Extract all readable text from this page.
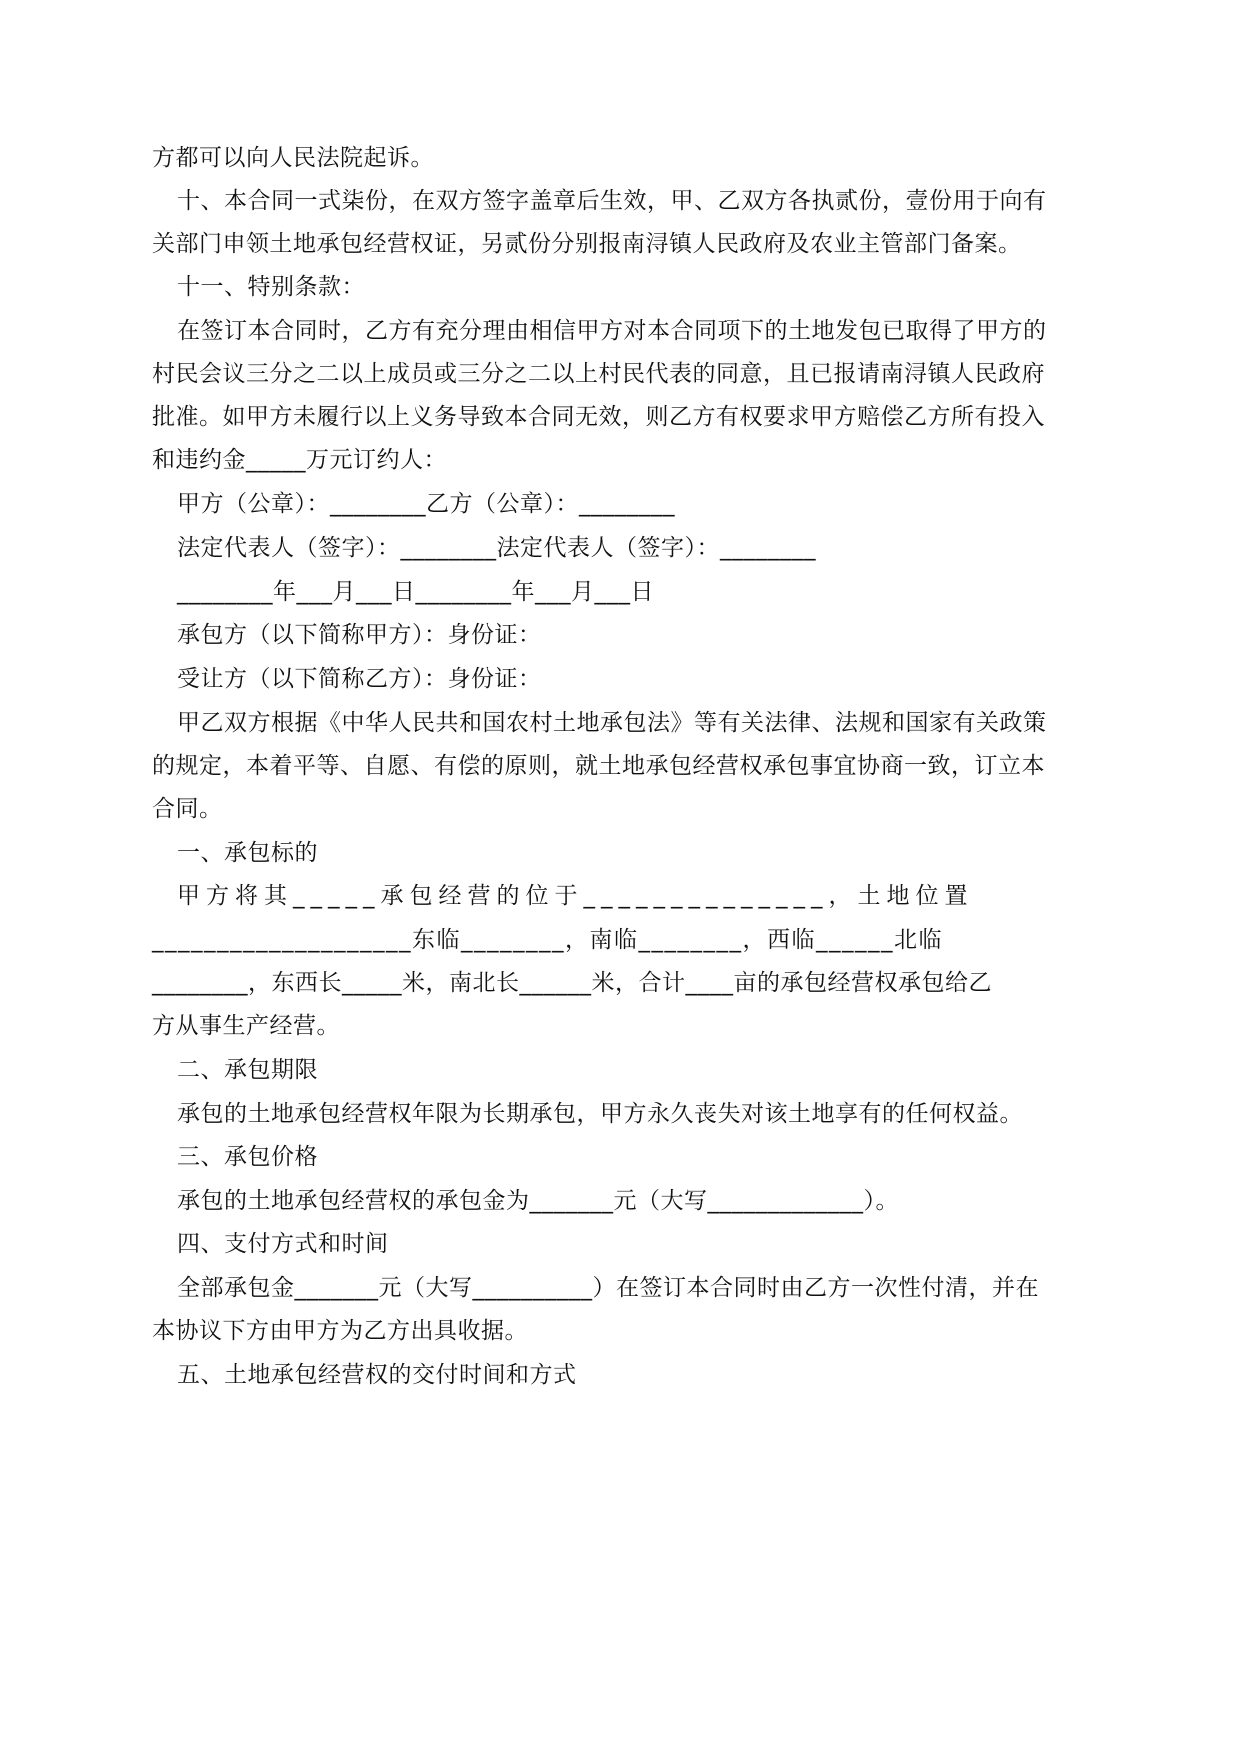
方都可以向人民法院起诉。
十、本合同一式柒份，在双方签字盖章后生效，甲、乙双方各执贰份，壹份用于向有
关部门申领土地承包经营权证，另贰份分别报南浔镇人民政府及农业主管部门备案。
十一、特别条款：
在签订本合同时，乙方有充分理由相信甲方对本合同项下的土地发包已取得了甲方的
村民会议三分之二以上成员或三分之二以上村民代表的同意，且已报请南浔镇人民政府
批准。如甲方未履行以上义务导致本合同无效，则乙方有权要求甲方赔偿乙方所有投入
和违约金_____万元订约人：
甲方（公章）：________乙方（公章）：________
法定代表人（签字）：________法定代表人（签字）：________
________年___月___日________年___月___日
承包方（以下简称甲方）：身份证：
受让方（以下简称乙方）：身份证：
甲乙双方根据《中华人民共和国农村土地承包法》等有关法律、法规和国家有关政策
的规定，本着平等、自愿、有偿的原则，就土地承包经营权承包事宜协商一致，订立本
合同。
一、承包标的
甲方将其_____承包经营的位于______________，土地位置
____________________东临________，南临________，西临______北临
________，东西长_____米，南北长______米，合计____亩的承包经营权承包给乙
方从事生产经营。
二、承包期限
承包的土地承包经营权年限为长期承包，甲方永久丧失对该土地享有的任何权益。
三、承包价格
承包的土地承包经营权的承包金为_______元（大写_____________）。
四、支付方式和时间
全部承包金_______元（大写__________）在签订本合同时由乙方一次性付清，并在
本协议下方由甲方为乙方出具收据。
五、土地承包经营权的交付时间和方式
